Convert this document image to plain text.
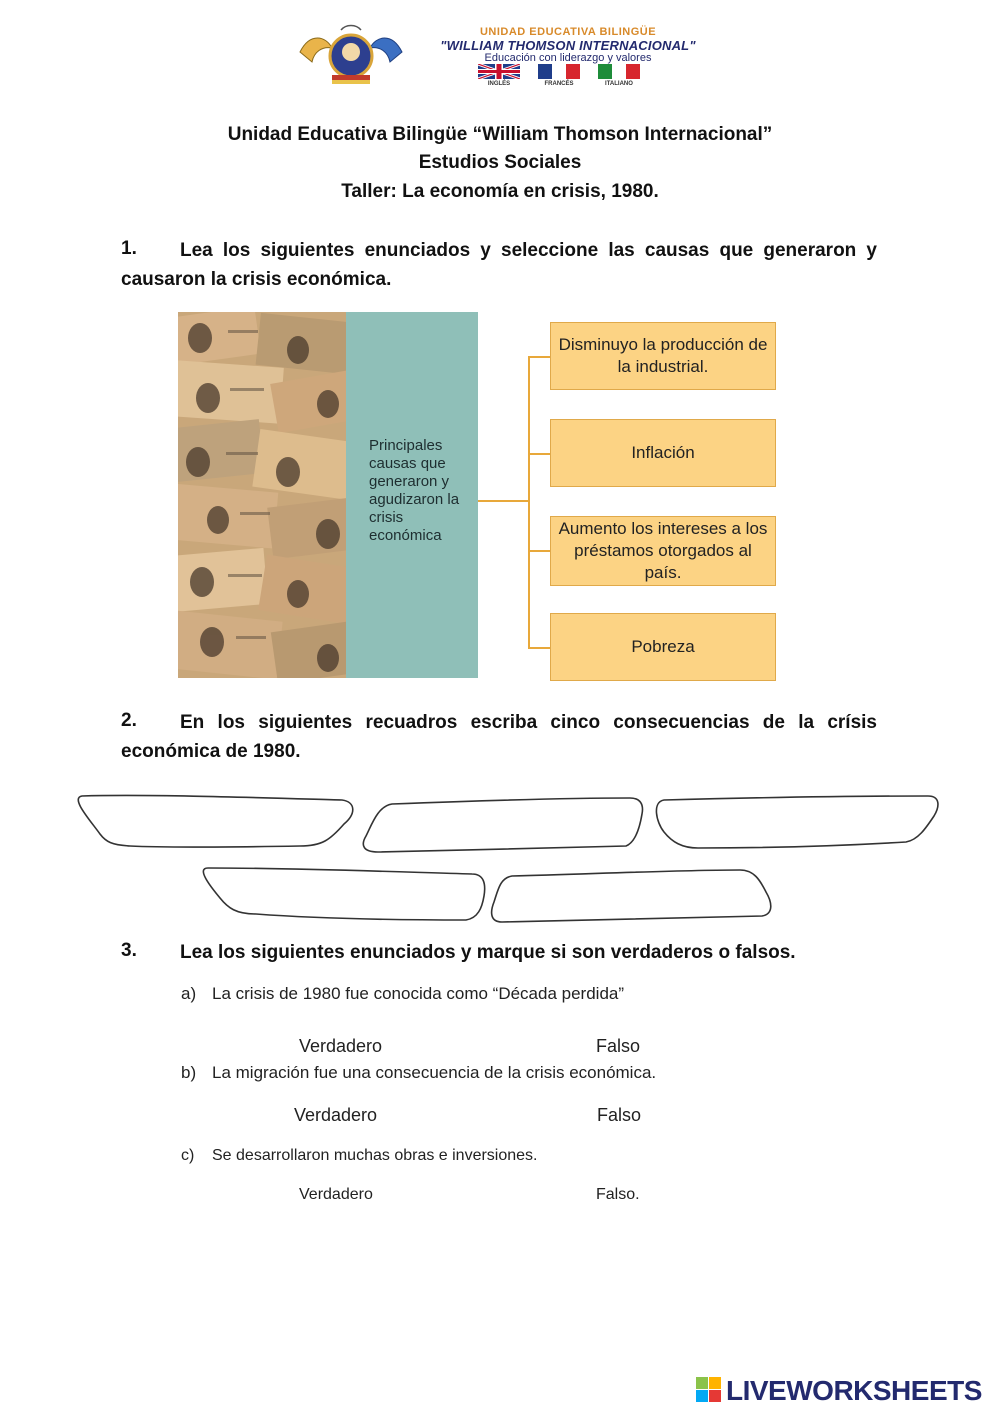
UNIDAD EDUCATIVA BILINGÜE
"WILLIAM THOMSON INTERNACIONAL"
Educación con liderazgo y valores
INGLÉS	FRANCÉS	ITALIANO
Unidad Educativa Bilingüe “William Thomson Internacional”
Estudios Sociales
Taller: La economía en crisis, 1980.
1.	Lea los siguientes enunciados y seleccione las causas que generaron y causaron la crisis económica.
Principales causas que generaron y agudizaron la crisis económica
Disminuyo la producción de la industrial.
Inflación
Aumento los intereses a los préstamos otorgados al país.
Pobreza
2.	En los siguientes recuadros escriba cinco consecuencias de la crísis económica de 1980.
3. Lea los siguientes enunciados y marque si son verdaderos o falsos.
a) La crisis de 1980 fue conocida como “Década perdida”
Verdadero	Falso
b) La migración fue una consecuencia de la crisis económica.
Verdadero	Falso
c) Se desarrollaron muchas obras e inversiones.
Verdadero	Falso.
LIVEWORKSHEETS
